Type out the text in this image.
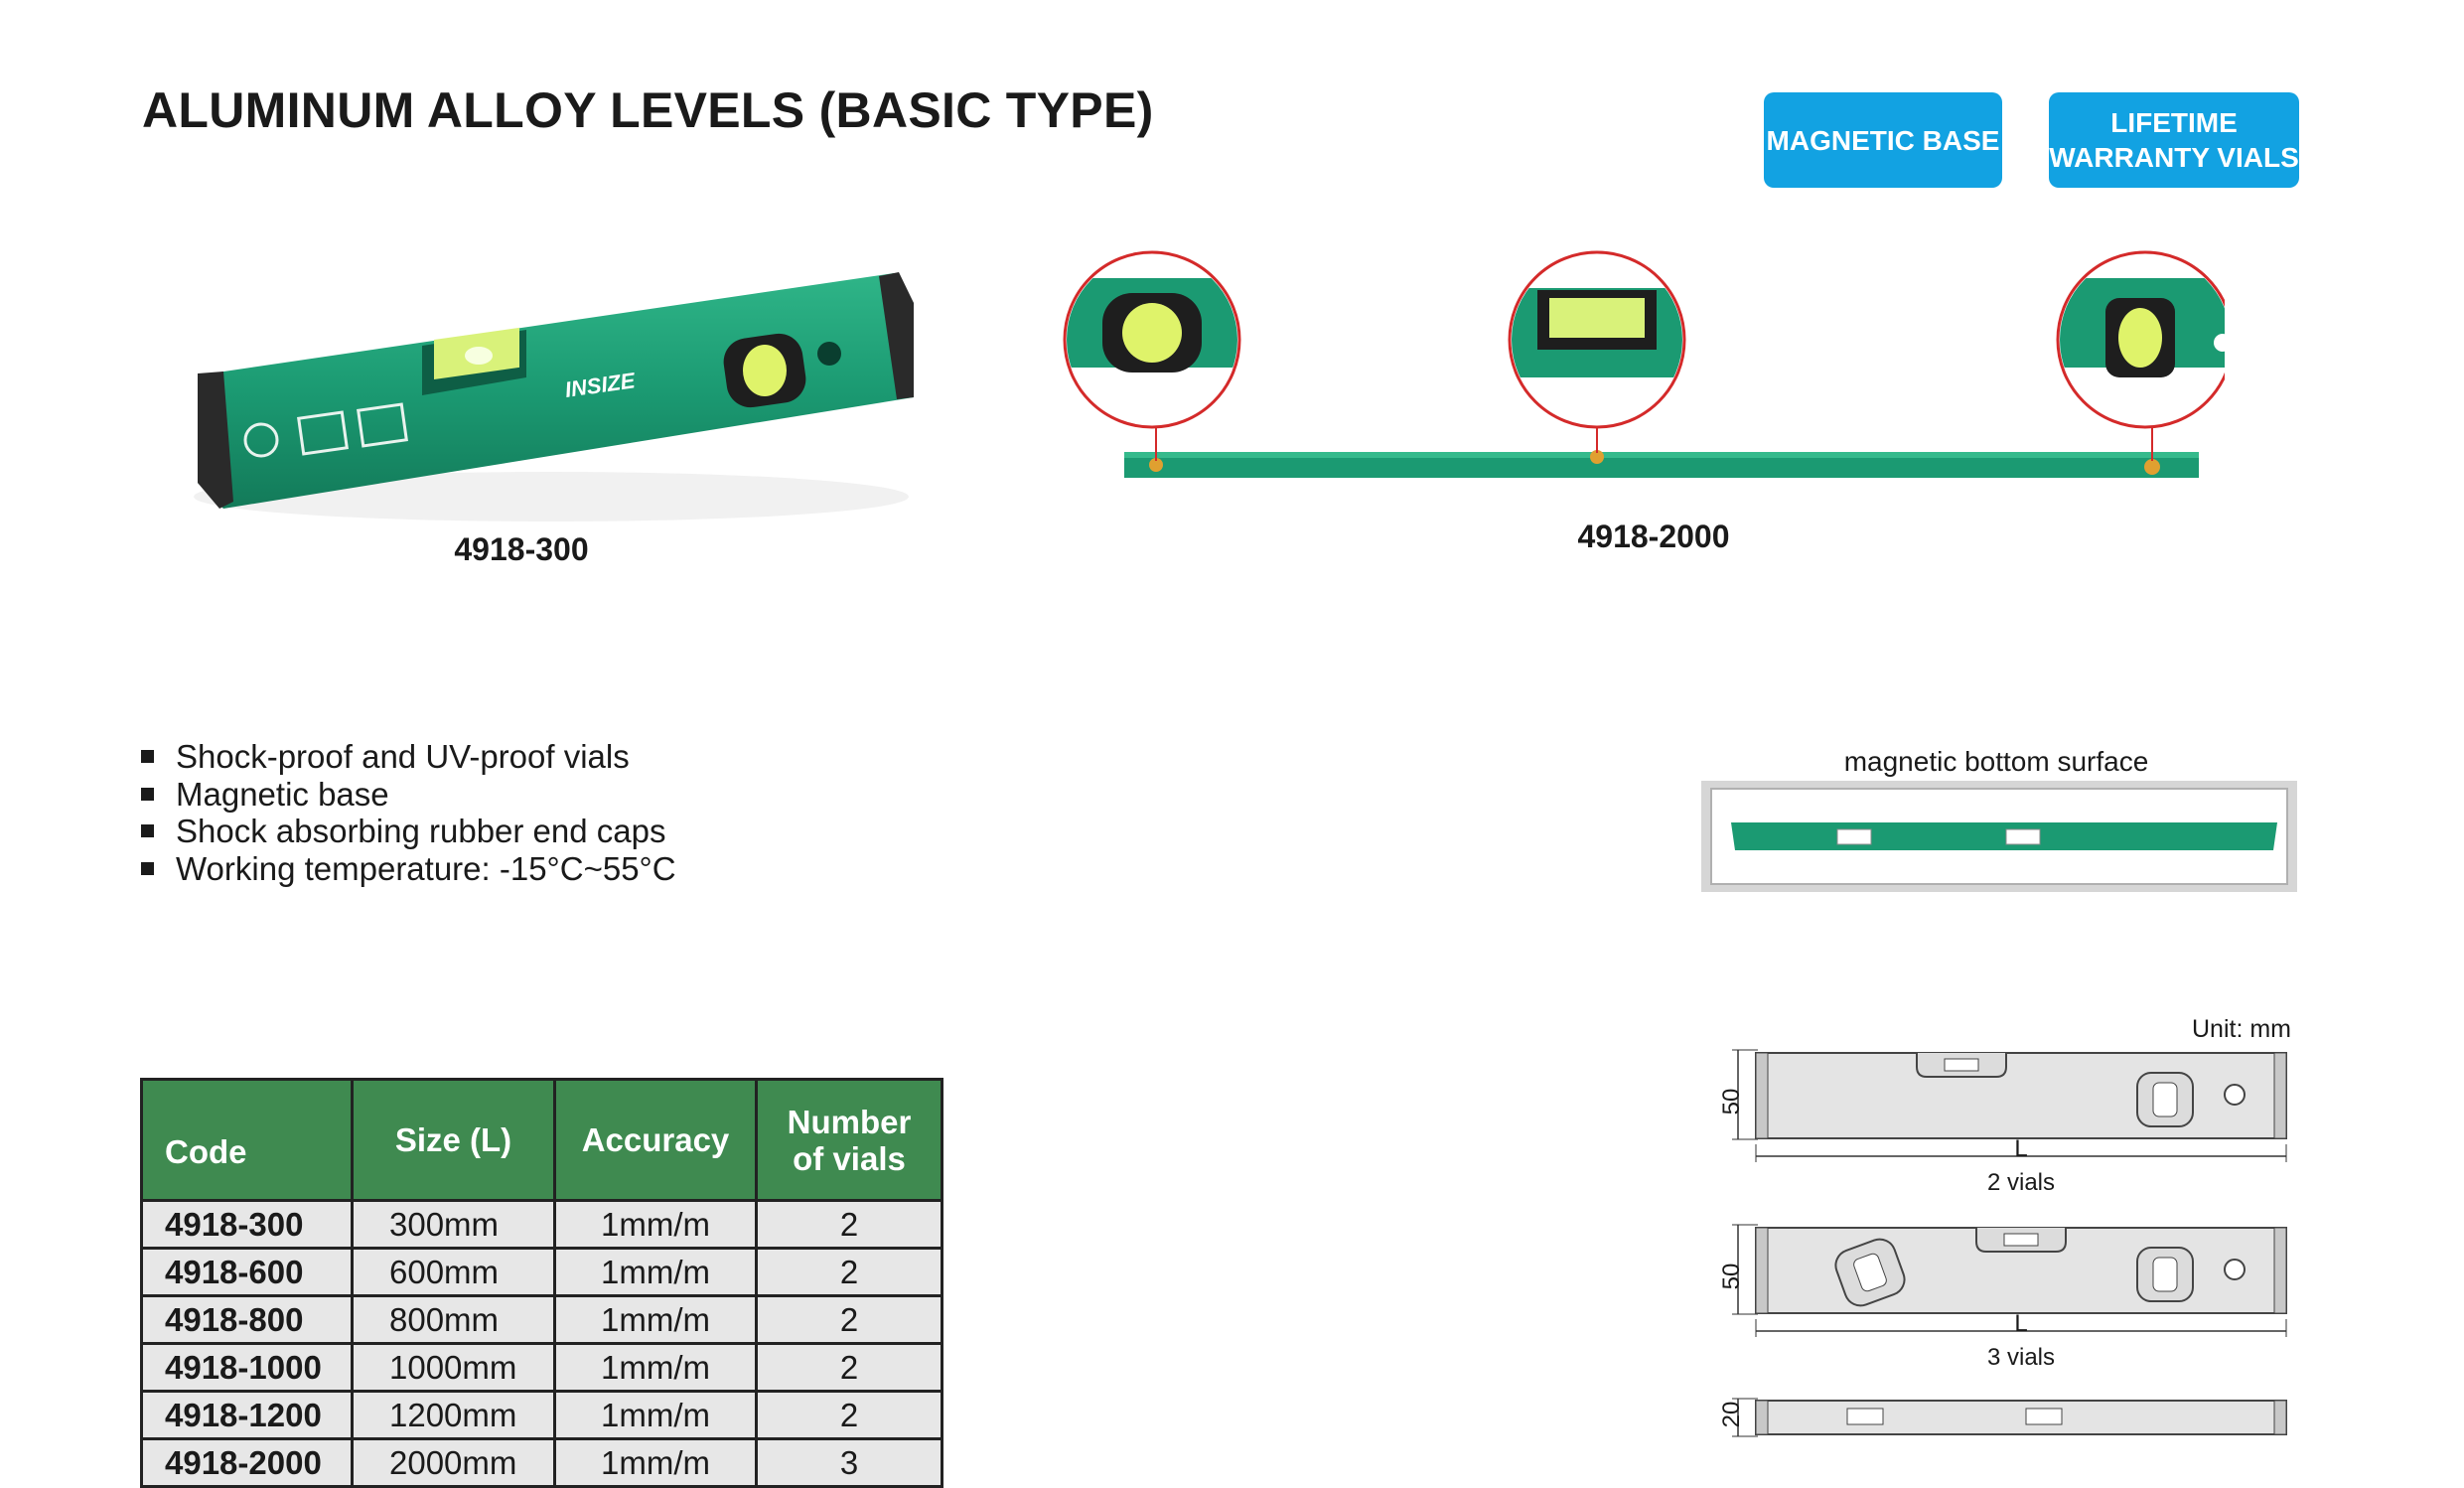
ALUMINUM ALLOY LEVELS (BASIC TYPE)
MAGNETIC BASE
LIFETIME
WARRANTY VIALS
INSIZE
4918-300	4918-2000
Shock-proof and UV-proof vials
Magnetic base
Shock absorbing rubber end caps
Working temperature: -15°C~55°C
magnetic bottom surface
Code	Size (L)	Accuracy	Number
of vials
4918-300	300mm	1mm/m	2
4918-600	600mm	1mm/m	2
4918-800	800mm	1mm/m	2
4918-1000	1000mm	1mm/m	2
4918-1200	1200mm	1mm/m	2
4918-2000	2000mm	1mm/m	3
Unit: mm
50
L
2 vials
50
L
3 vials
20
